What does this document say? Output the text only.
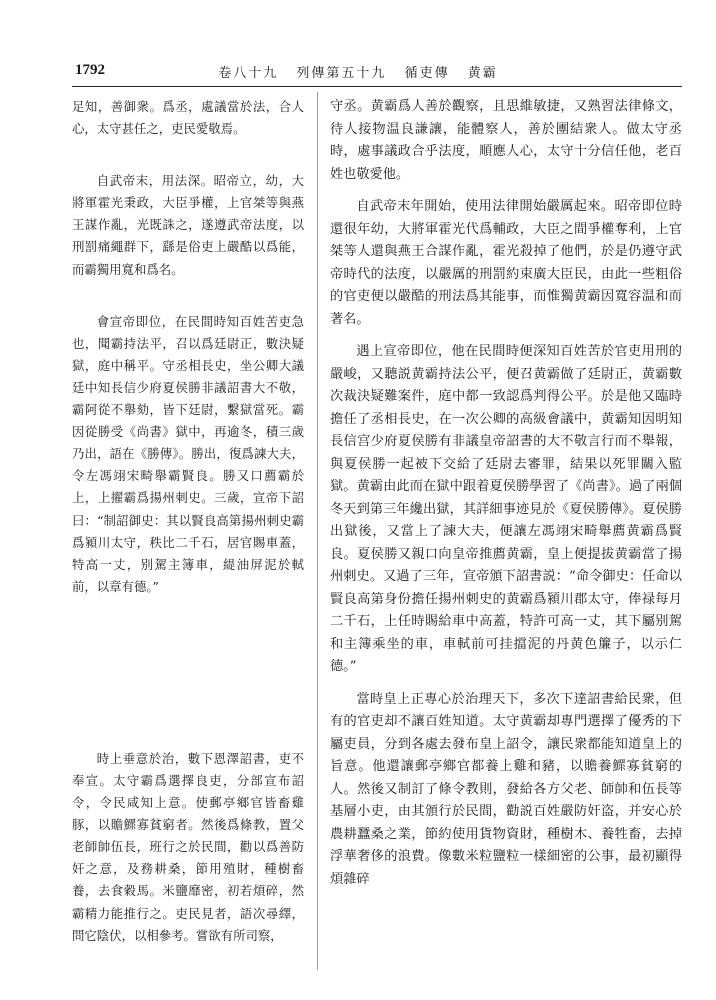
1792	卷八十九 列傳第五十九 循吏傳 黄霸

足知，善御衆。爲丞，處議當於法，合人心，太守甚任之，吏民愛敬焉。

自武帝末，用法深。昭帝立，幼，大將軍霍光秉政，大臣爭權，上官桀等與燕王謀作亂，光既誅之，遂遵武帝法度，以刑罰痛繩群下，繇是俗吏上嚴酷以爲能，而霸獨用寬和爲名。

會宣帝即位，在民間時知百姓苦吏急也，聞霸持法平，召以爲廷尉正，數決疑獄，庭中稱平。守丞相長史，坐公卿大議廷中知長信少府夏侯勝非議詔書大不敬，霸阿從不舉劾，皆下廷尉，繫獄當死。霸因從勝受《尚書》獄中，再逾冬，積三歲乃出，語在《勝傳》。勝出，復爲諫大夫，令左馮翊宋畸舉霸賢良。勝又口薦霸於上，上擢霸爲揚州刺史。三歲，宣帝下詔曰：“制詔御史：其以賢良高第揚州刺史霸爲潁川太守，秩比二千石，居官賜車蓋，特高一丈，别駕主簿車，緹油屏泥於軾前，以章有德。”

時上垂意於治，數下恩澤詔書，吏不奉宣。太守霸爲選擇良吏，分部宣布詔令，令民咸知上意。使郵亭鄉官皆畜雞豚，以贍鰥寡貧窮者。然後爲條教，置父老師帥伍長，班行之於民間，勸以爲善防奸之意，及務耕桑，節用殖財，種樹畜養，去食穀馬。米鹽靡密，初若煩碎，然霸精力能推行之。吏民見者，語次尋繹，問它陰伏，以相參考。嘗欲有所司察，

守丞。黄霸爲人善於觀察，且思維敏捷，又熟習法律條文，待人接物温良謙讓，能體察人，善於團結衆人。做太守丞時，處事議政合乎法度，順應人心，太守十分信任他，老百姓也敬愛他。

自武帝末年開始，使用法律開始嚴厲起來。昭帝即位時還很年幼，大將軍霍光代爲輔政，大臣之間爭權奪利，上官桀等人還與燕王合謀作亂，霍光殺掉了他們，於是仍遵守武帝時代的法度，以嚴厲的刑罰約束廣大臣民，由此一些粗俗的官吏便以嚴酷的刑法爲其能事，而惟獨黄霸因寬容温和而著名。

遇上宣帝即位，他在民間時便深知百姓苦於官吏用刑的嚴峻，又聽説黄霸持法公平，便召黄霸做了廷尉正，黄霸數次裁決疑難案件，庭中都一致認爲判得公平。於是他又臨時擔任了丞相長史，在一次公卿的高級會議中，黄霸知因明知長信宫少府夏侯勝有非議皇帝詔書的大不敬言行而不舉報，與夏侯勝一起被下交給了廷尉去審罪，結果以死罪關入監獄。黄霸由此而在獄中跟着夏侯勝學習了《尚書》。過了兩個冬天到第三年纔出獄，其詳細事迹見於《夏侯勝傳》。夏侯勝出獄後，又當上了諫大夫，便讓左馮翊宋畸舉薦黄霸爲賢良。夏侯勝又親口向皇帝推薦黄霸，皇上便提拔黄霸當了揚州刺史。又過了三年，宣帝頒下詔書説：“命令御史：任命以賢良高第身份擔任揚州刺史的黄霸爲潁川郡太守，俸禄每月二千石，上任時賜給車中高蓋，特許可高一丈，其下屬别駕和主簿乘坐的車，車軾前可挂擋泥的丹黄色簾子，以示仁德。”

當時皇上正專心於治理天下，多次下達詔書給民衆，但有的官吏却不讓百姓知道。太守黄霸却專門選擇了優秀的下屬吏員，分到各處去發布皇上詔令，讓民衆都能知道皇上的旨意。他還讓郵亭鄉官都養上雞和豬，以贍養鰥寡貧窮的人。然後又制訂了條令教則，發給各方父老、師帥和伍長等基層小吏，由其頒行於民間，勸説百姓嚴防奸盗，并安心於農耕蠶桑之業，節約使用貨物資財，種樹木、養牲畜，去掉浮華奢侈的浪費。像數米粒鹽粒一樣細密的公事，最初顯得煩雜碎
